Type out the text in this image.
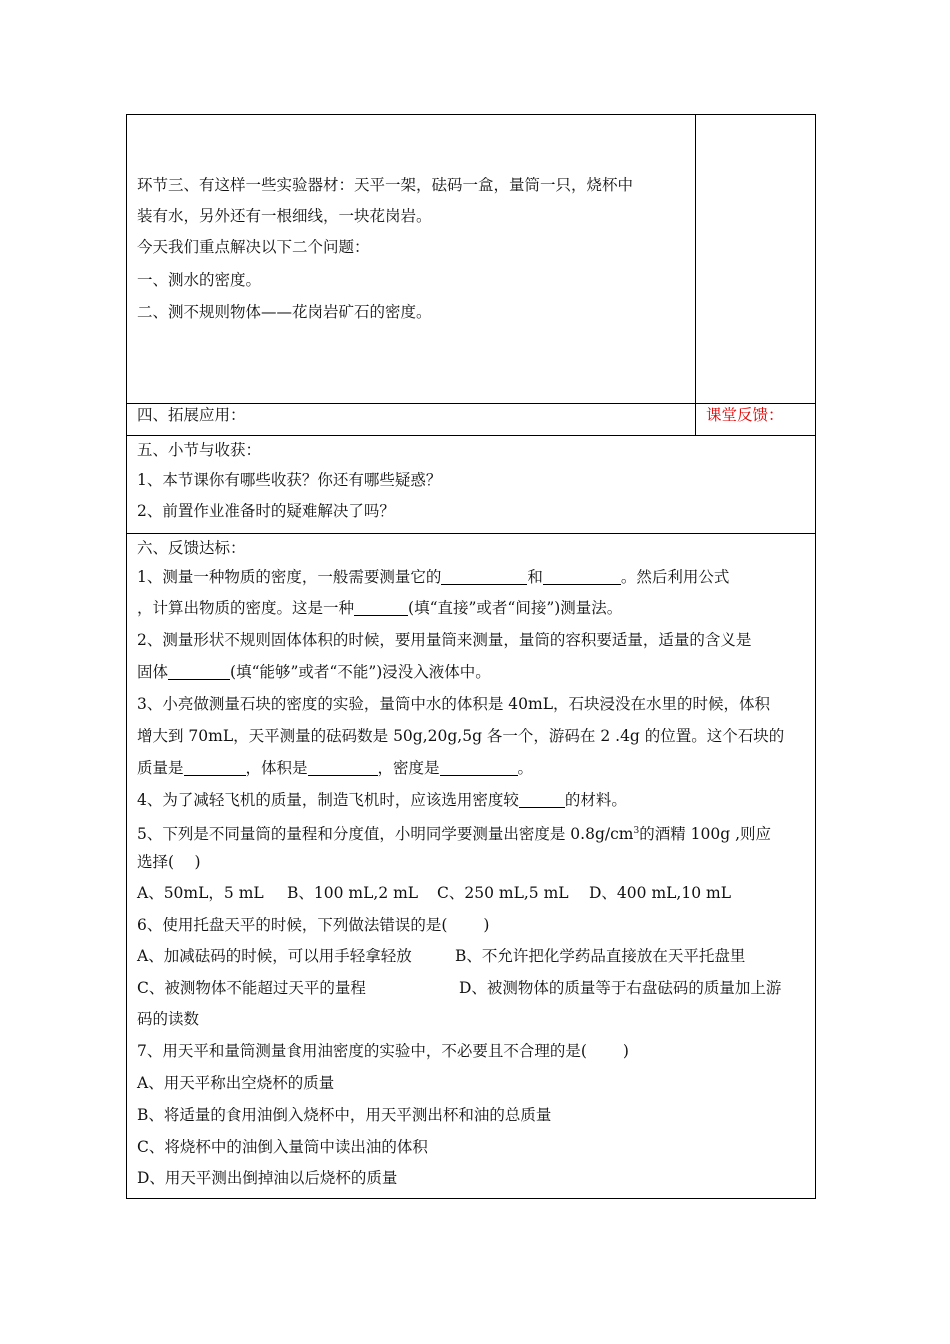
环节三、有这样一些实验器材：天平一架，砝码一盒，量筒一只，烧杯中
装有水，另外还有一根细线，一块花岗岩。
今天我们重点解决以下二个问题：
一、测水的密度。
二、测不规则物体——花岗岩矿石的密度。
四、拓展应用：	课堂反馈：
五、小节与收获：
1、本节课你有哪些收获？你还有哪些疑惑？
2、前置作业准备时的疑难解决了吗？
六、反馈达标：
1、测量一种物质的密度，一般需要测量它的	和	。然后利用公式
，计算出物质的密度。这是一种	(填“直接”或者“间接”)测量法。
2、测量形状不规则固体体积的时候，要用量筒来测量，量筒的容积要适量，适量的含义是
固体	(填“能够”或者“不能”)浸没入液体中。
3、小亮做测量石块的密度的实验，量筒中水的体积是 40mL，石块浸没在水里的时候，体积
增大到 70mL，天平测量的砝码数是 50g,20g,5g 各一个，游码在 2 .4g 的位置。这个石块的
质量是	，体积是	，密度是	。
4、为了减轻飞机的质量，制造飞机时，应该选用密度较	的材料。
5、下列是不同量筒的量程和分度值，小明同学要测量出密度是 $0.8g/cm^3$的酒精 100g ,则应
选择(　 )
A、50mL，5 mL B、100 mL,2 mL C、250 mL,5 mL D、400 mL,10 mL
6、使用托盘天平的时候，下列做法错误的是(　　 )
A、加减砝码的时候，可以用手轻拿轻放	B、不允许把化学药品直接放在天平托盘里
C、被测物体不能超过天平的量程	D、被测物体的质量等于右盘砝码的质量加上游
码的读数
7、用天平和量筒测量食用油密度的实验中，不必要且不合理的是(　　 )
A、用天平称出空烧杯的质量
B、将适量的食用油倒入烧杯中，用天平测出杯和油的总质量
C、将烧杯中的油倒入量筒中读出油的体积
D、用天平测出倒掉油以后烧杯的质量
